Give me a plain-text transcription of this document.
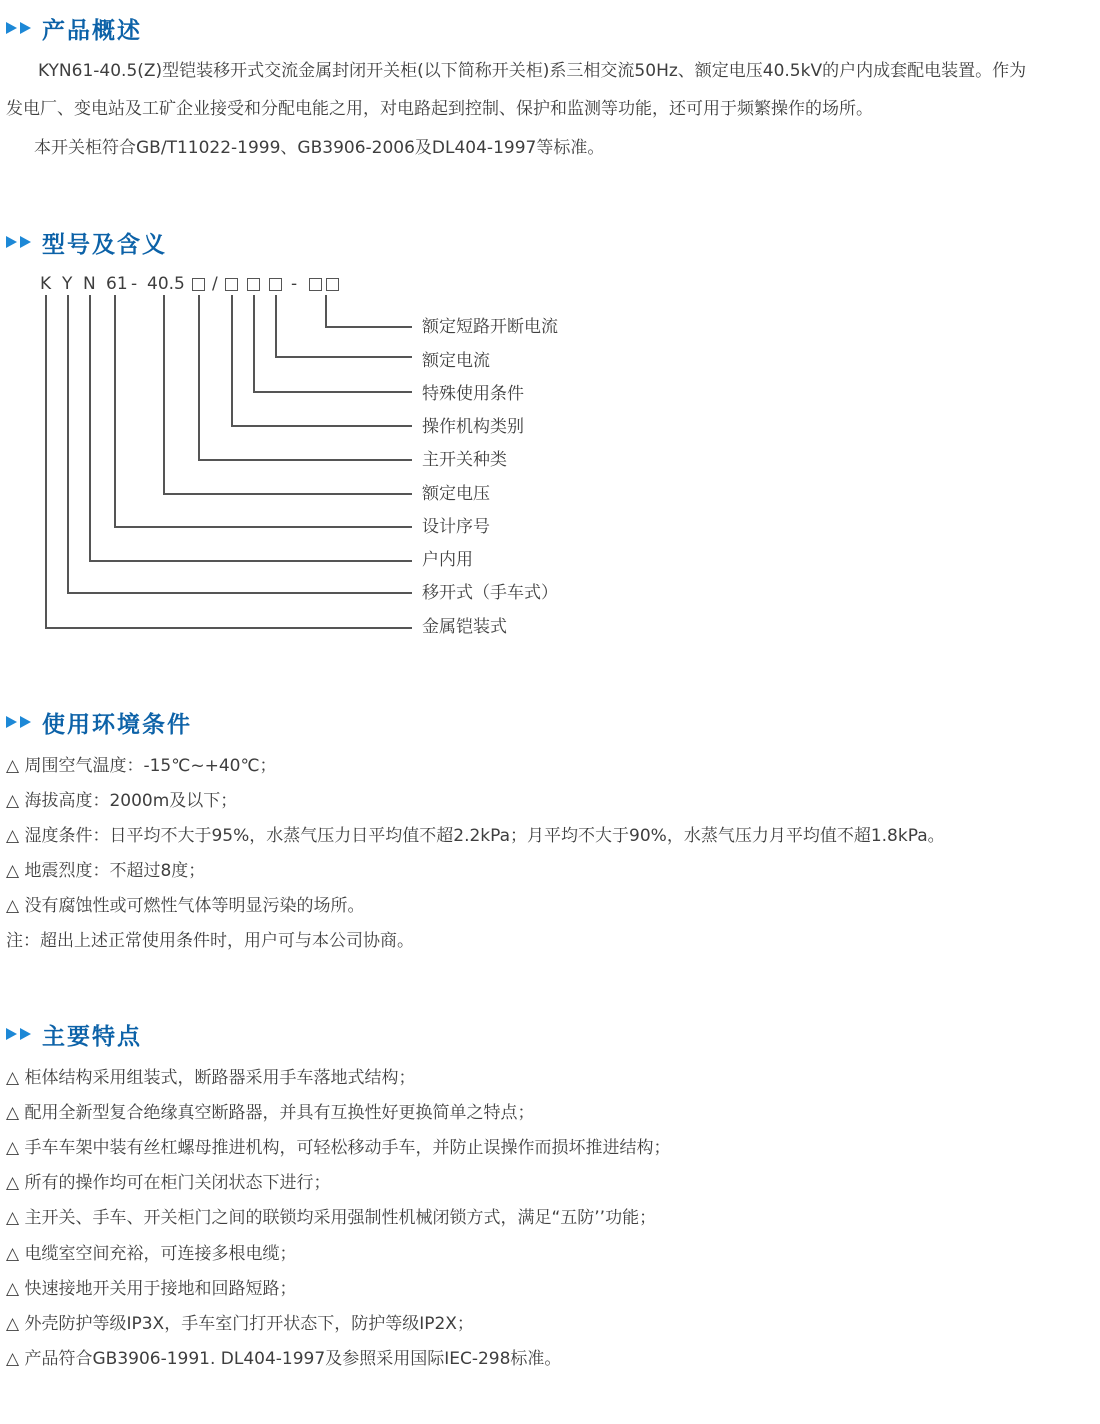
产品概述
KYN61-40.5(Z)型铠装移开式交流金属封闭开关柜(以下简称开关柜)系三相交流50Hz、额定电压40.5kV的户内成套配电装置。作为
发电厂、变电站及工矿企业接受和分配电能之用，对电路起到控制、保护和监测等功能，还可用于频繁操作的场所。
本开关柜符合GB/T11022-1999、GB3906-2006及DL404-1997等标准。
型号及含义
K Y N 61 - 40.5 /	-
额定短路开断电流
额定电流
特殊使用条件
操作机构类别
主开关种类
额定电压
设计序号
户内用
移开式（手车式）
金属铠装式
使用环境条件
△ 周围空气温度：-15℃~+40℃；
△ 海拔高度：2000m及以下；
△ 湿度条件：日平均不大于95%，水蒸气压力日平均值不超2.2kPa；月平均不大于90%，水蒸气压力月平均值不超1.8kPa。
△ 地震烈度：不超过8度；
△ 没有腐蚀性或可燃性气体等明显污染的场所。
注：超出上述正常使用条件时，用户可与本公司协商。
主要特点
△ 柜体结构采用组装式，断路器采用手车落地式结构；
△ 配用全新型复合绝缘真空断路器，并具有互换性好更换简单之特点；
△ 手车车架中装有丝杠螺母推进机构，可轻松移动手车，并防止误操作而损坏推进结构；
△ 所有的操作均可在柜门关闭状态下进行；
△ 主开关、手车、开关柜门之间的联锁均采用强制性机械闭锁方式，满足“五防’’功能；
△ 电缆室空间充裕，可连接多根电缆；
△ 快速接地开关用于接地和回路短路；
△ 外壳防护等级IP3X，手车室门打开状态下，防护等级IP2X；
△ 产品符合GB3906-1991. DL404-1997及参照采用国际IEC-298标准。
